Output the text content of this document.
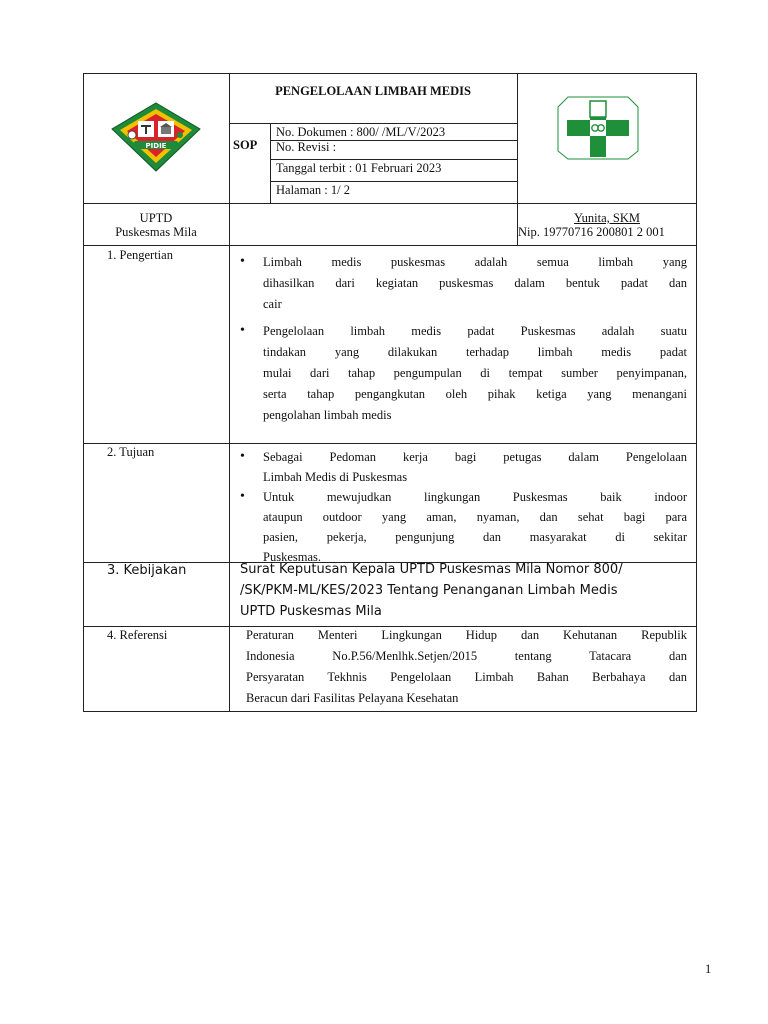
PIDIE
PENGELOLAAN LIMBAH MEDIS
SOP
No. Dokumen : 800/ /ML/V/2023
No. Revisi :
Tanggal terbit : 01 Februari 2023
Halaman : 1/ 2
UPTD
Puskesmas Mila
Yunita, SKM
Nip. 19770716 200801 2 001
1. Pengertian	• Limbah medis puskesmas adalah semua limbah yang
dihasilkan dari kegiatan puskesmas dalam bentuk padat dan
cair
• Pengelolaan limbah medis padat Puskesmas adalah suatu
tindakan yang dilakukan terhadap limbah medis padat
mulai dari tahap pengumpulan di tempat sumber penyimpanan,
serta tahap pengangkutan oleh pihak ketiga yang menangani
pengolahan limbah medis
2. Tujuan	• Sebagai Pedoman kerja bagi petugas dalam Pengelolaan
Limbah Medis di Puskesmas
• Untuk mewujudkan lingkungan Puskesmas baik indoor
ataupun outdoor yang aman, nyaman, dan sehat bagi para
pasien, pekerja, pengunjung dan masyarakat di sekitar
Puskesmas.
3. Kebijakan	Surat Keputusan Kepala UPTD Puskesmas Mila Nomor 800/
/SK/PKM-ML/KES/2023 Tentang Penanganan Limbah Medis
UPTD Puskesmas Mila
4. Referensi	Peraturan Menteri Lingkungan Hidup dan Kehutanan Republik
Indonesia No.P.56/Menlhk.Setjen/2015 tentang Tatacara dan
Persyaratan Tekhnis Pengelolaan Limbah Bahan Berbahaya dan
Beracun dari Fasilitas Pelayana Kesehatan
1
